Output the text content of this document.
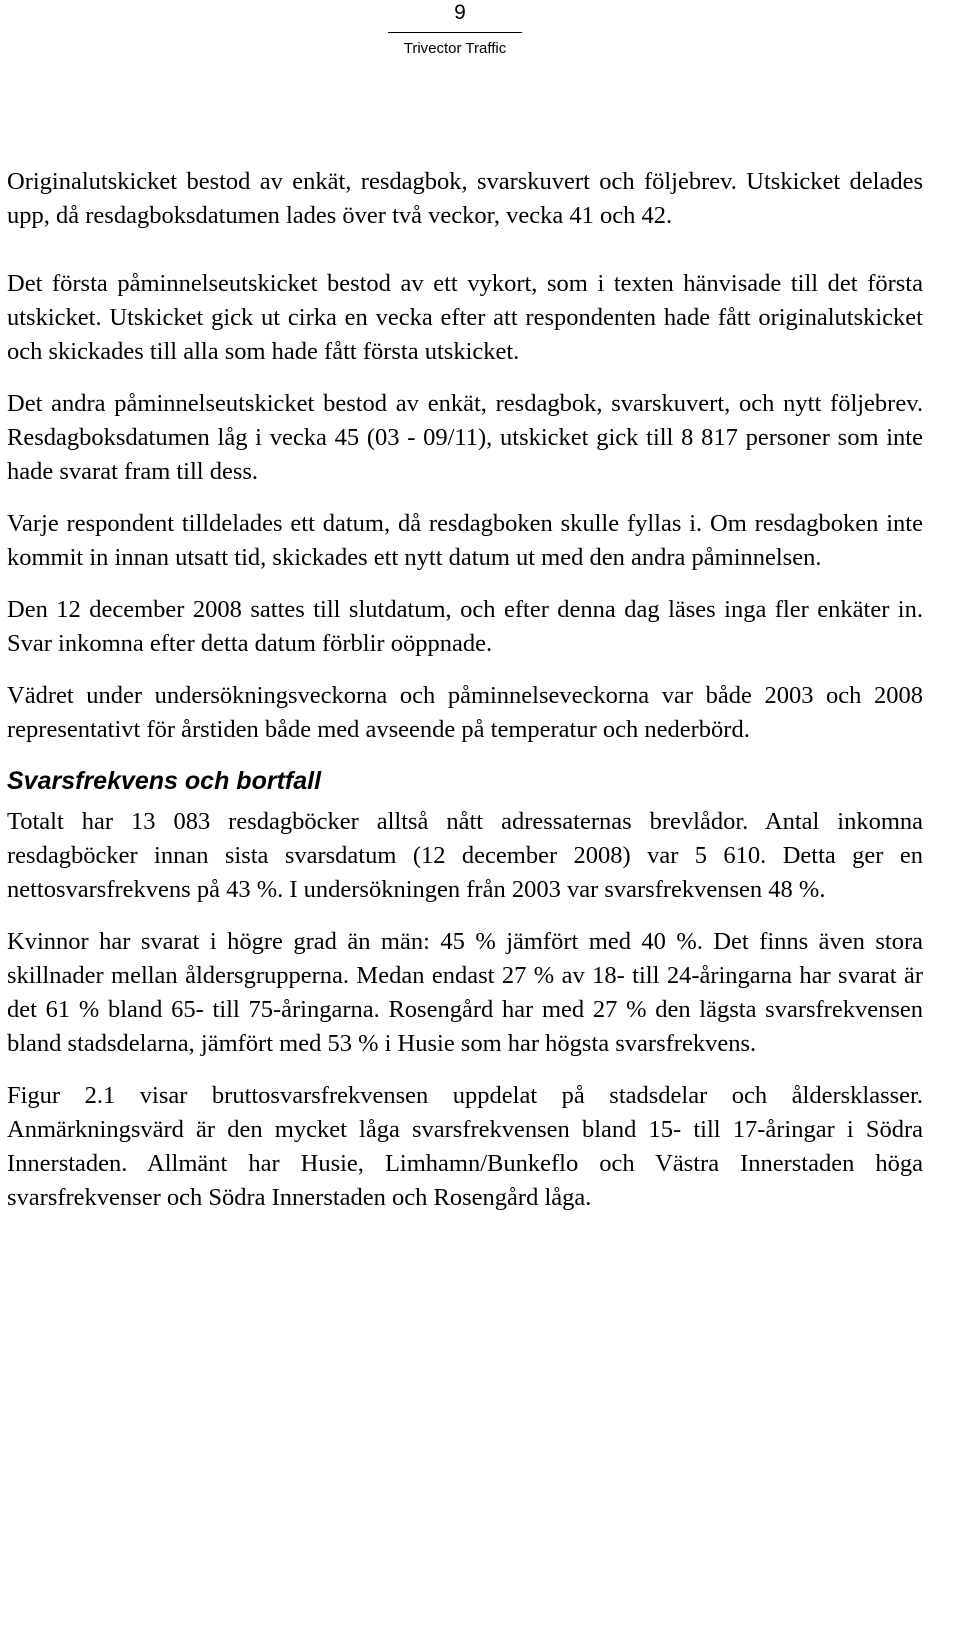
9
Trivector Traffic

Originalutskicket bestod av enkät, resdagbok, svarskuvert och följebrev. Utskicket delades upp, då resdagboksdatumen lades över två veckor, vecka 41 och 42.

Det första påminnelseutskicket bestod av ett vykort, som i texten hänvisade till det första utskicket. Utskicket gick ut cirka en vecka efter att respondenten hade fått originalutskicket och skickades till alla som hade fått första utskicket.

Det andra påminnelseutskicket bestod av enkät, resdagbok, svarskuvert, och nytt följebrev. Resdagboksdatumen låg i vecka 45 (03 - 09/11), utskicket gick till 8 817 personer som inte hade svarat fram till dess.

Varje respondent tilldelades ett datum, då resdagboken skulle fyllas i. Om resdagboken inte kommit in innan utsatt tid, skickades ett nytt datum ut med den andra påminnelsen.

Den 12 december 2008 sattes till slutdatum, och efter denna dag läses inga fler enkäter in. Svar inkomna efter detta datum förblir oöppnade.

Vädret under undersökningsveckorna och påminnelseveckorna var både 2003 och 2008 representativt för årstiden både med avseende på temperatur och nederbörd.

Svarsfrekvens och bortfall

Totalt har 13 083 resdagböcker alltså nått adressaternas brevlådor. Antal inkomna resdagböcker innan sista svarsdatum (12 december 2008) var 5 610. Detta ger en nettosvarsfrekvens på 43 %. I undersökningen från 2003 var svarsfrekvensen 48 %.

Kvinnor har svarat i högre grad än män: 45 % jämfört med 40 %. Det finns även stora skillnader mellan åldersgrupperna. Medan endast 27 % av 18- till 24-åringarna har svarat är det 61 % bland 65- till 75-åringarna. Rosengård har med 27 % den lägsta svarsfrekvensen bland stadsdelarna, jämfört med 53 % i Husie som har högsta svarsfrekvens.

Figur 2.1 visar bruttosvarsfrekvensen uppdelat på stadsdelar och åldersklasser. Anmärkningsvärd är den mycket låga svarsfrekvensen bland 15- till 17-åringar i Södra Innerstaden. Allmänt har Husie, Limhamn/Bunkeflo och Västra Innerstaden höga svarsfrekvenser och Södra Innerstaden och Rosengård låga.
